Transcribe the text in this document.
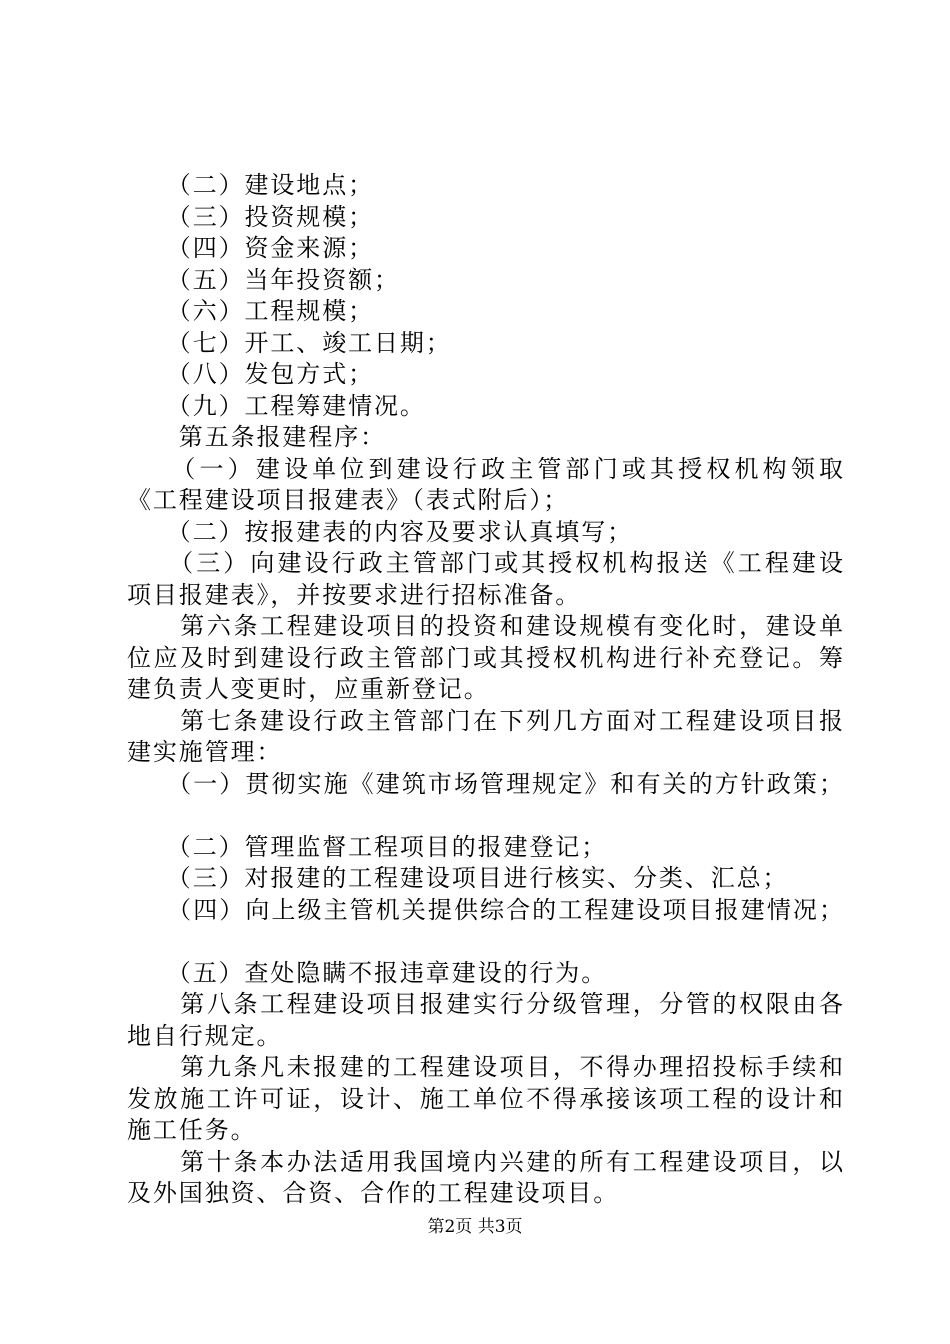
　　（二）建设地点；
　　（三）投资规模；
　　（四）资金来源；
　　（五）当年投资额；
　　（六）工程规模；
　　（七）开工、竣工日期；
　　（八）发包方式；
　　（九）工程筹建情况。
　　第五条报建程序：
　　（一）建设单位到建设行政主管部门或其授权机构领取
《工程建设项目报建表》（表式附后）；
　　（二）按报建表的内容及要求认真填写；
　　（三）向建设行政主管部门或其授权机构报送《工程建设
项目报建表》，并按要求进行招标准备。
　　第六条工程建设项目的投资和建设规模有变化时，建设单
位应及时到建设行政主管部门或其授权机构进行补充登记。筹
建负责人变更时，应重新登记。
　　第七条建设行政主管部门在下列几方面对工程建设项目报
建实施管理：
　　（一）贯彻实施《建筑市场管理规定》和有关的方针政策；
　　（二）管理监督工程项目的报建登记；
　　（三）对报建的工程建设项目进行核实、分类、汇总；
　　（四）向上级主管机关提供综合的工程建设项目报建情况；
　　（五）查处隐瞒不报违章建设的行为。
　　第八条工程建设项目报建实行分级管理，分管的权限由各
地自行规定。
　　第九条凡未报建的工程建设项目，不得办理招投标手续和
发放施工许可证，设计、施工单位不得承接该项工程的设计和
施工任务。
　　第十条本办法适用我国境内兴建的所有工程建设项目，以
及外国独资、合资、合作的工程建设项目。
第2页 共3页
